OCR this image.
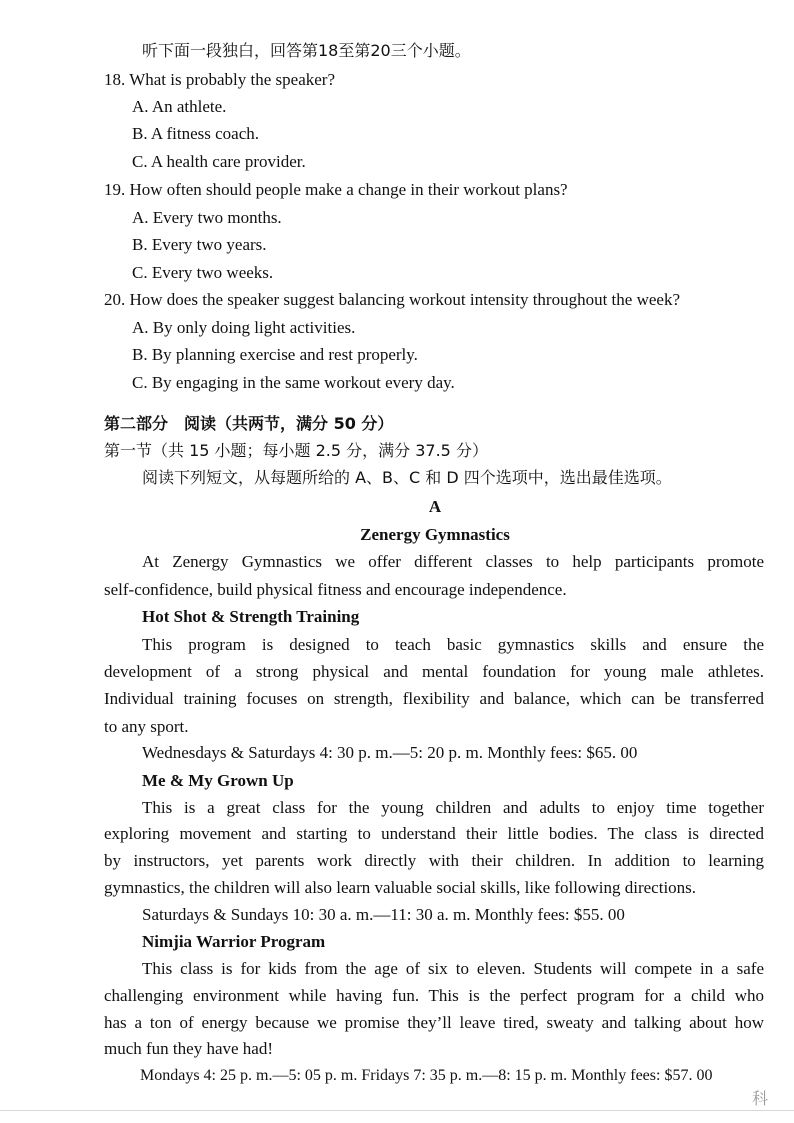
听下面一段独白，回答第18至第20三个小题。
18. What is probably the speaker?
A. An athlete.
B. A fitness coach.
C. A health care provider.
19. How often should people make a change in their workout plans?
A. Every two months.
B. Every two years.
C. Every two weeks.
20. How does the speaker suggest balancing workout intensity throughout the week?
A. By only doing light activities.
B. By planning exercise and rest properly.
C. By engaging in the same workout every day.
第二部分　阅读（共两节，满分 50 分）
第一节（共 15 小题；每小题 2.5 分，满分 37.5 分）
阅读下列短文，从每题所给的 A、B、C 和 D 四个选项中，选出最佳选项。
A
Zenergy Gymnastics
At Zenergy Gymnastics we offer different classes to help participants promote
self-confidence, build physical fitness and encourage independence.
Hot Shot & Strength Training
This program is designed to teach basic gymnastics skills and ensure the
development of a strong physical and mental foundation for young male athletes.
Individual training focuses on strength, flexibility and balance, which can be transferred
to any sport.
Wednesdays & Saturdays 4: 30 p. m.—5: 20 p. m. Monthly fees: $65. 00
Me & My Grown Up
This is a great class for the young children and adults to enjoy time together
exploring movement and starting to understand their little bodies. The class is directed
by instructors, yet parents work directly with their children. In addition to learning
gymnastics, the children will also learn valuable social skills, like following directions.
Saturdays & Sundays 10: 30 a. m.—11: 30 a. m. Monthly fees: $55. 00
Nimjia Warrior Program
This class is for kids from the age of six to eleven. Students will compete in a safe
challenging environment while having fun. This is the perfect program for a child who
has a ton of energy because we promise they’ll leave tired, sweaty and talking about how
much fun they have had!
Mondays 4: 25 p. m.—5: 05 p. m. Fridays 7: 35 p. m.—8: 15 p. m. Monthly fees: $57. 00
科
